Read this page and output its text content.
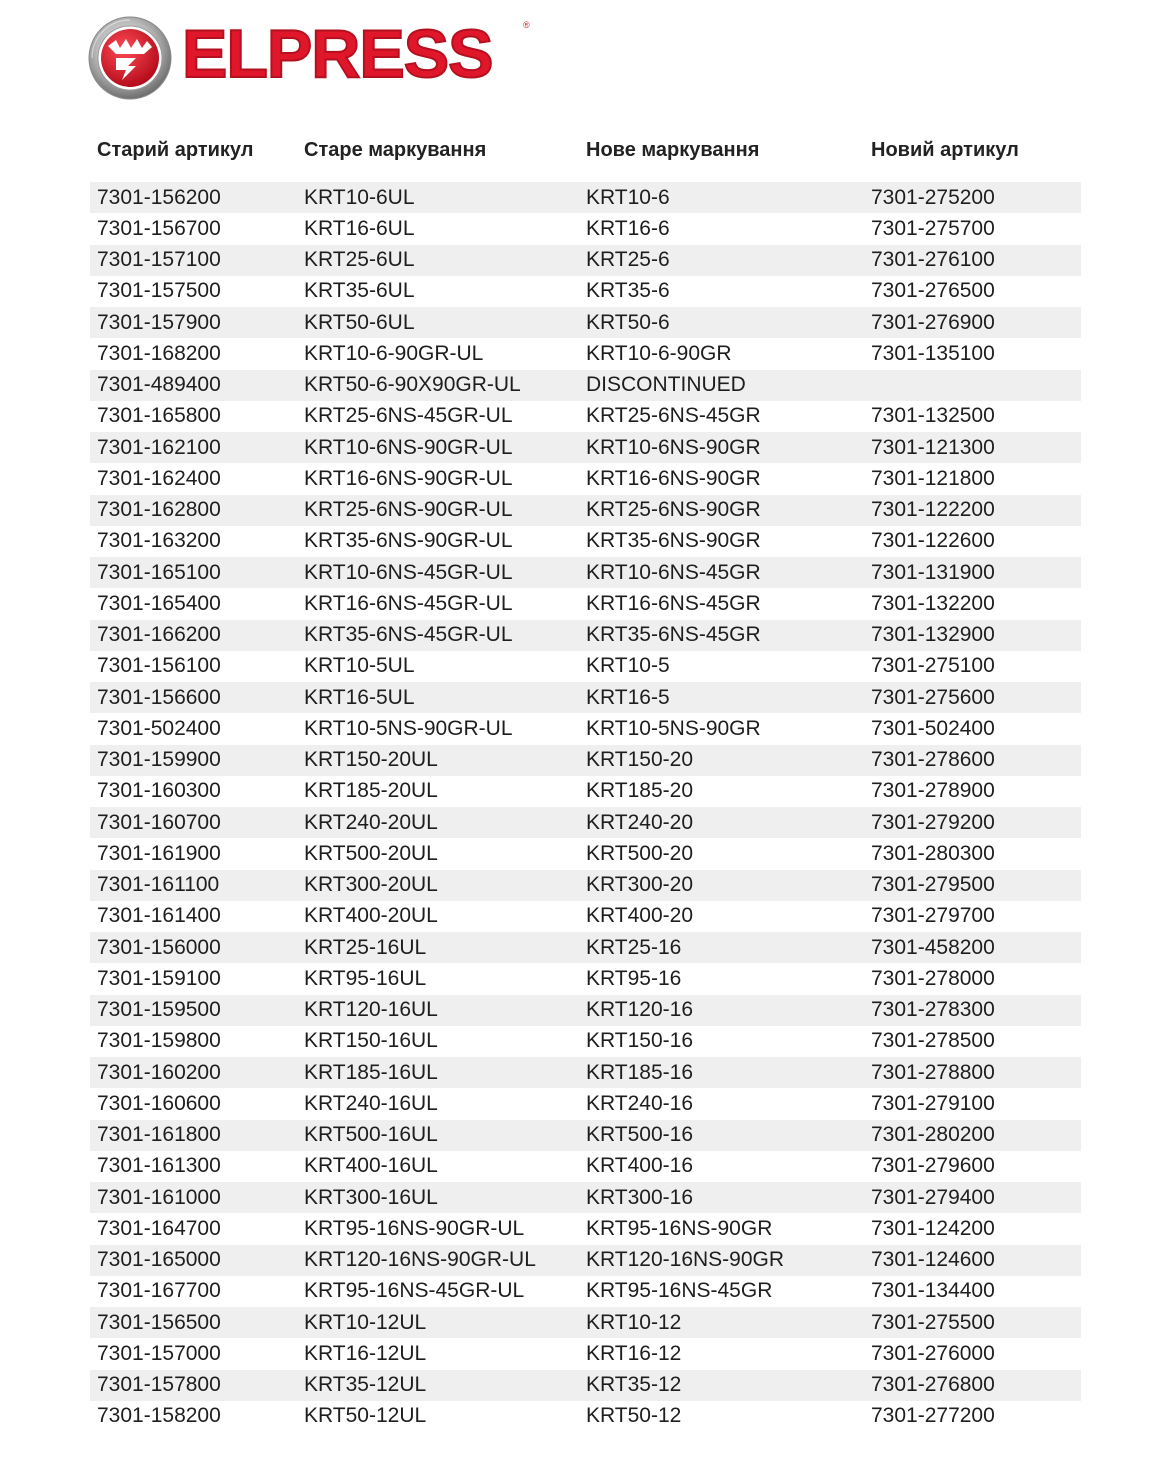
ELPRESS	®
Старий артикул	Старе маркування	Нове маркування	Новий артикул
7301-156200	KRT10-6UL	KRT10-6	7301-275200
7301-156700	KRT16-6UL	KRT16-6	7301-275700
7301-157100	KRT25-6UL	KRT25-6	7301-276100
7301-157500	KRT35-6UL	KRT35-6	7301-276500
7301-157900	KRT50-6UL	KRT50-6	7301-276900
7301-168200	KRT10-6-90GR-UL	KRT10-6-90GR	7301-135100
7301-489400	KRT50-6-90X90GR-UL	DISCONTINUED
7301-165800	KRT25-6NS-45GR-UL	KRT25-6NS-45GR	7301-132500
7301-162100	KRT10-6NS-90GR-UL	KRT10-6NS-90GR	7301-121300
7301-162400	KRT16-6NS-90GR-UL	KRT16-6NS-90GR	7301-121800
7301-162800	KRT25-6NS-90GR-UL	KRT25-6NS-90GR	7301-122200
7301-163200	KRT35-6NS-90GR-UL	KRT35-6NS-90GR	7301-122600
7301-165100	KRT10-6NS-45GR-UL	KRT10-6NS-45GR	7301-131900
7301-165400	KRT16-6NS-45GR-UL	KRT16-6NS-45GR	7301-132200
7301-166200	KRT35-6NS-45GR-UL	KRT35-6NS-45GR	7301-132900
7301-156100	KRT10-5UL	KRT10-5	7301-275100
7301-156600	KRT16-5UL	KRT16-5	7301-275600
7301-502400	KRT10-5NS-90GR-UL	KRT10-5NS-90GR	7301-502400
7301-159900	KRT150-20UL	KRT150-20	7301-278600
7301-160300	KRT185-20UL	KRT185-20	7301-278900
7301-160700	KRT240-20UL	KRT240-20	7301-279200
7301-161900	KRT500-20UL	KRT500-20	7301-280300
7301-161100	KRT300-20UL	KRT300-20	7301-279500
7301-161400	KRT400-20UL	KRT400-20	7301-279700
7301-156000	KRT25-16UL	KRT25-16	7301-458200
7301-159100	KRT95-16UL	KRT95-16	7301-278000
7301-159500	KRT120-16UL	KRT120-16	7301-278300
7301-159800	KRT150-16UL	KRT150-16	7301-278500
7301-160200	KRT185-16UL	KRT185-16	7301-278800
7301-160600	KRT240-16UL	KRT240-16	7301-279100
7301-161800	KRT500-16UL	KRT500-16	7301-280200
7301-161300	KRT400-16UL	KRT400-16	7301-279600
7301-161000	KRT300-16UL	KRT300-16	7301-279400
7301-164700	KRT95-16NS-90GR-UL	KRT95-16NS-90GR	7301-124200
7301-165000	KRT120-16NS-90GR-UL	KRT120-16NS-90GR	7301-124600
7301-167700	KRT95-16NS-45GR-UL	KRT95-16NS-45GR	7301-134400
7301-156500	KRT10-12UL	KRT10-12	7301-275500
7301-157000	KRT16-12UL	KRT16-12	7301-276000
7301-157800	KRT35-12UL	KRT35-12	7301-276800
7301-158200	KRT50-12UL	KRT50-12	7301-277200
